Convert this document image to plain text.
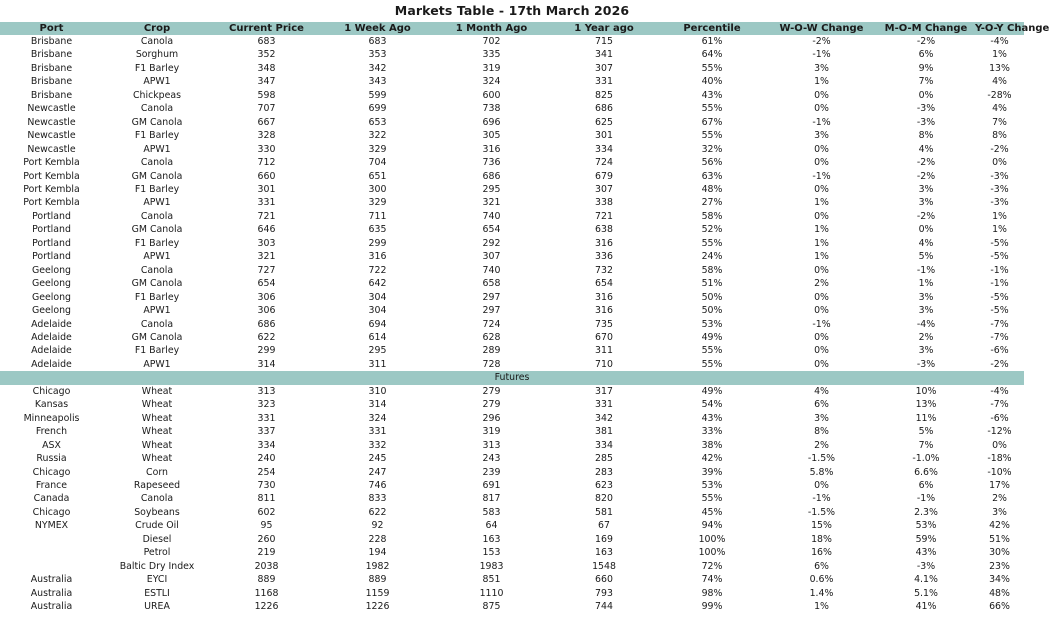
Markets Table - 17th March 2026
Port	Crop	Current Price	1 Week Ago	1 Month Ago	1 Year ago	Percentile	W-O-W Change	M-O-M Change	Y-O-Y Change
Brisbane	Canola	683	683	702	715	61%	-2%	-2%	-4%
Brisbane	Sorghum	352	353	335	341	64%	-1%	6%	1%
Brisbane	F1 Barley	348	342	319	307	55%	3%	9%	13%
Brisbane	APW1	347	343	324	331	40%	1%	7%	4%
Brisbane	Chickpeas	598	599	600	825	43%	0%	0%	-28%
Newcastle	Canola	707	699	738	686	55%	0%	-3%	4%
Newcastle	GM Canola	667	653	696	625	67%	-1%	-3%	7%
Newcastle	F1 Barley	328	322	305	301	55%	3%	8%	8%
Newcastle	APW1	330	329	316	334	32%	0%	4%	-2%
Port Kembla	Canola	712	704	736	724	56%	0%	-2%	0%
Port Kembla	GM Canola	660	651	686	679	63%	-1%	-2%	-3%
Port Kembla	F1 Barley	301	300	295	307	48%	0%	3%	-3%
Port Kembla	APW1	331	329	321	338	27%	1%	3%	-3%
Portland	Canola	721	711	740	721	58%	0%	-2%	1%
Portland	GM Canola	646	635	654	638	52%	1%	0%	1%
Portland	F1 Barley	303	299	292	316	55%	1%	4%	-5%
Portland	APW1	321	316	307	336	24%	1%	5%	-5%
Geelong	Canola	727	722	740	732	58%	0%	-1%	-1%
Geelong	GM Canola	654	642	658	654	51%	2%	1%	-1%
Geelong	F1 Barley	306	304	297	316	50%	0%	3%	-5%
Geelong	APW1	306	304	297	316	50%	0%	3%	-5%
Adelaide	Canola	686	694	724	735	53%	-1%	-4%	-7%
Adelaide	GM Canola	622	614	628	670	49%	0%	2%	-7%
Adelaide	F1 Barley	299	295	289	311	55%	0%	3%	-6%
Adelaide	APW1	314	311	728	710	55%	0%	-3%	-2%
Futures									
Chicago	Wheat	313	310	279	317	49%	4%	10%	-4%
Kansas	Wheat	323	314	279	331	54%	6%	13%	-7%
Minneapolis	Wheat	331	324	296	342	43%	3%	11%	-6%
French	Wheat	337	331	319	381	33%	8%	5%	-12%
ASX	Wheat	334	332	313	334	38%	2%	7%	0%
Russia	Wheat	240	245	243	285	42%	-1.5%	-1.0%	-18%
Chicago	Corn	254	247	239	283	39%	5.8%	6.6%	-10%
France	Rapeseed	730	746	691	623	53%	0%	6%	17%
Canada	Canola	811	833	817	820	55%	-1%	-1%	2%
Chicago	Soybeans	602	622	583	581	45%	-1.5%	2.3%	3%
NYMEX	Crude Oil	95	92	64	67	94%	15%	53%	42%
	Diesel	260	228	163	169	100%	18%	59%	51%
	Petrol	219	194	153	163	100%	16%	43%	30%
	Baltic Dry Index	2038	1982	1983	1548	72%	6%	-3%	23%
Australia	EYCI	889	889	851	660	74%	0.6%	4.1%	34%
Australia	ESTLI	1168	1159	1110	793	98%	1.4%	5.1%	48%
Australia	UREA	1226	1226	875	744	99%	1%	41%	66%
